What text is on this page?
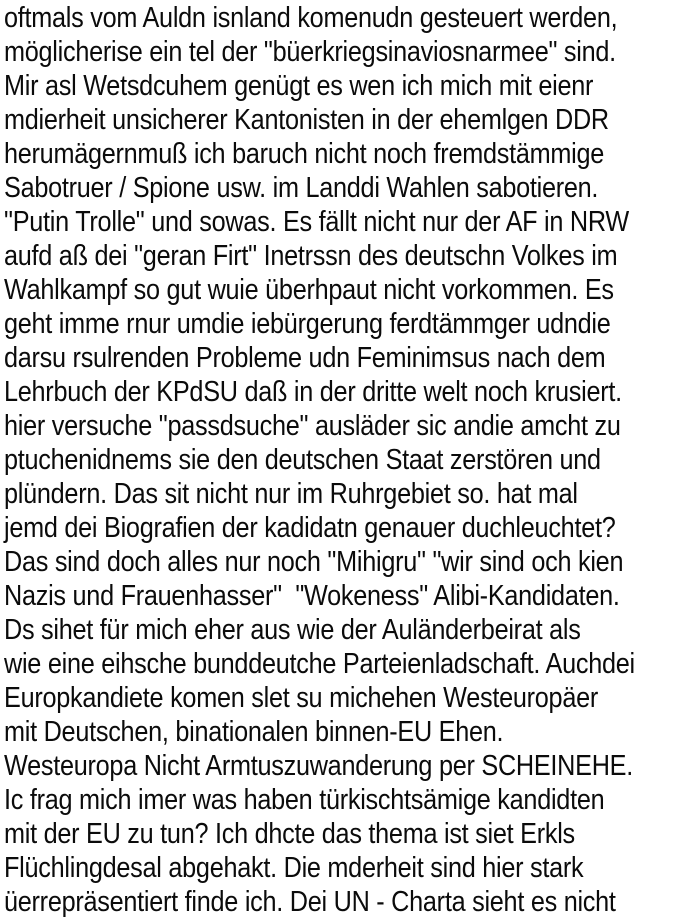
oftmals vom Auldn isnland komenudn gesteuert werden,
möglicherise ein tel der "büerkriegsinaviosnarmee" sind.
Mir asl Wetsdcuhem genügt es wen ich mich mit eienr
mdierheit unsicherer Kantonisten in der ehemlgen DDR
herumägernmuß ich baruch nicht noch fremdstämmige
Sabotruer / Spione usw. im Landdi Wahlen sabotieren.
"Putin Trolle" und sowas. Es fällt nicht nur der AF in NRW
aufd aß dei "geran Firt" Inetrssn des deutschn Volkes im
Wahlkampf so gut wuie überhpaut nicht vorkommen. Es
geht imme rnur umdie iebürgerung ferdtämmger udndie
darsu rsulrenden Probleme udn Feminimsus nach dem
Lehrbuch der KPdSU daß in der dritte welt noch krusiert.
hier versuche "passdsuche" ausläder sic andie amcht zu
ptuchenidnems sie den deutschen Staat zerstören und
plündern. Das sit nicht nur im Ruhrgebiet so. hat mal
jemd dei Biografien der kadidatn genauer duchleuchtet?
Das sind doch alles nur noch "Mihigru" "wir sind och kien
Nazis und Frauenhasser"  "Wokeness" Alibi-Kandidaten.
Ds sihet für mich eher aus wie der Auländerbeirat als
wie eine eihsche bunddeutche Parteienladschaft. Auchdei
Europkandiete komen slet su michehen Westeuropäer
mit Deutschen, binationalen binnen-EU Ehen.
Westeuropa Nicht Armtuszuwanderung per SCHEINEHE.
Ic frag mich imer was haben türkischtsämige kandidten
mit der EU zu tun? Ich dhcte das thema ist siet Erkls
Flüchlingdesal abgehakt. Die mderheit sind hier stark
üerrepräsentiert finde ich. Dei UN - Charta sieht es nicht
